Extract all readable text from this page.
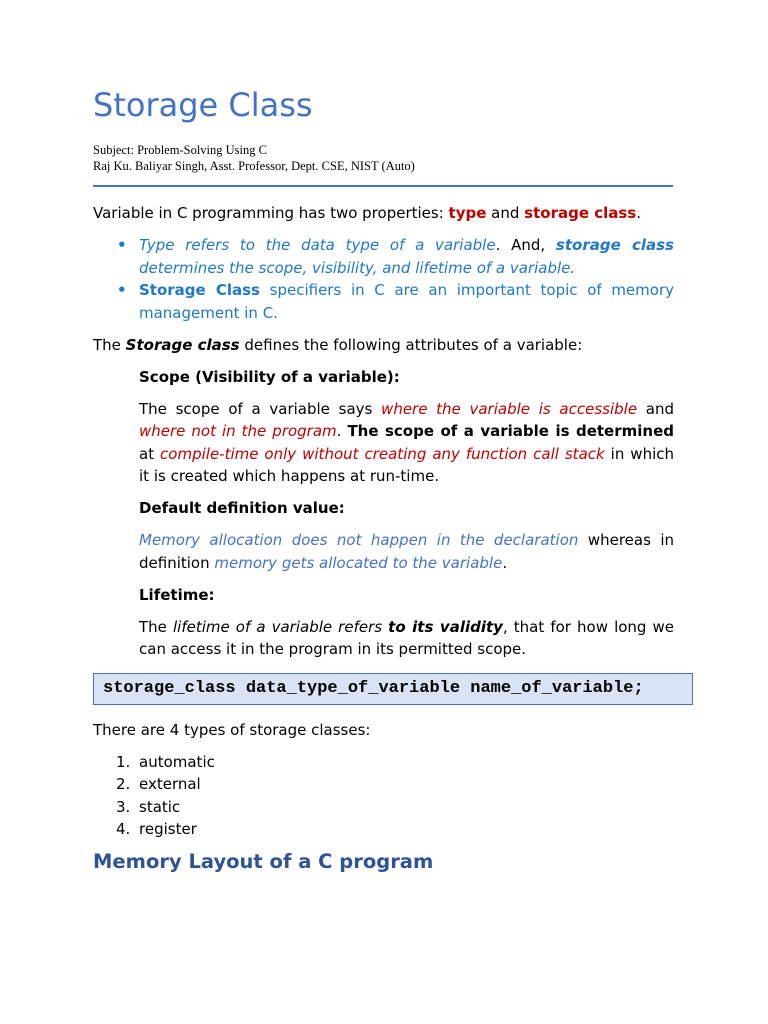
Storage Class
Subject: Problem-Solving Using C
Raj Ku. Baliyar Singh, Asst. Professor, Dept. CSE, NIST (Auto)

Variable in C programming has two properties: type and storage class.

• Type refers to the data type of a variable. And, storage class determines the scope, visibility, and lifetime of a variable.
• Storage Class specifiers in C are an important topic of memory management in C.

The Storage class defines the following attributes of a variable:

Scope (Visibility of a variable):

The scope of a variable says where the variable is accessible and where not in the program. The scope of a variable is determined at compile-time only without creating any function call stack in which it is created which happens at run-time.

Default definition value:

Memory allocation does not happen in the declaration whereas in definition memory gets allocated to the variable.

Lifetime:

The lifetime of a variable refers to its validity, that for how long we can access it in the program in its permitted scope.

storage_class data_type_of_variable name_of_variable;

There are 4 types of storage classes:

1. automatic
2. external
3. static
4. register
Memory Layout of a C program
